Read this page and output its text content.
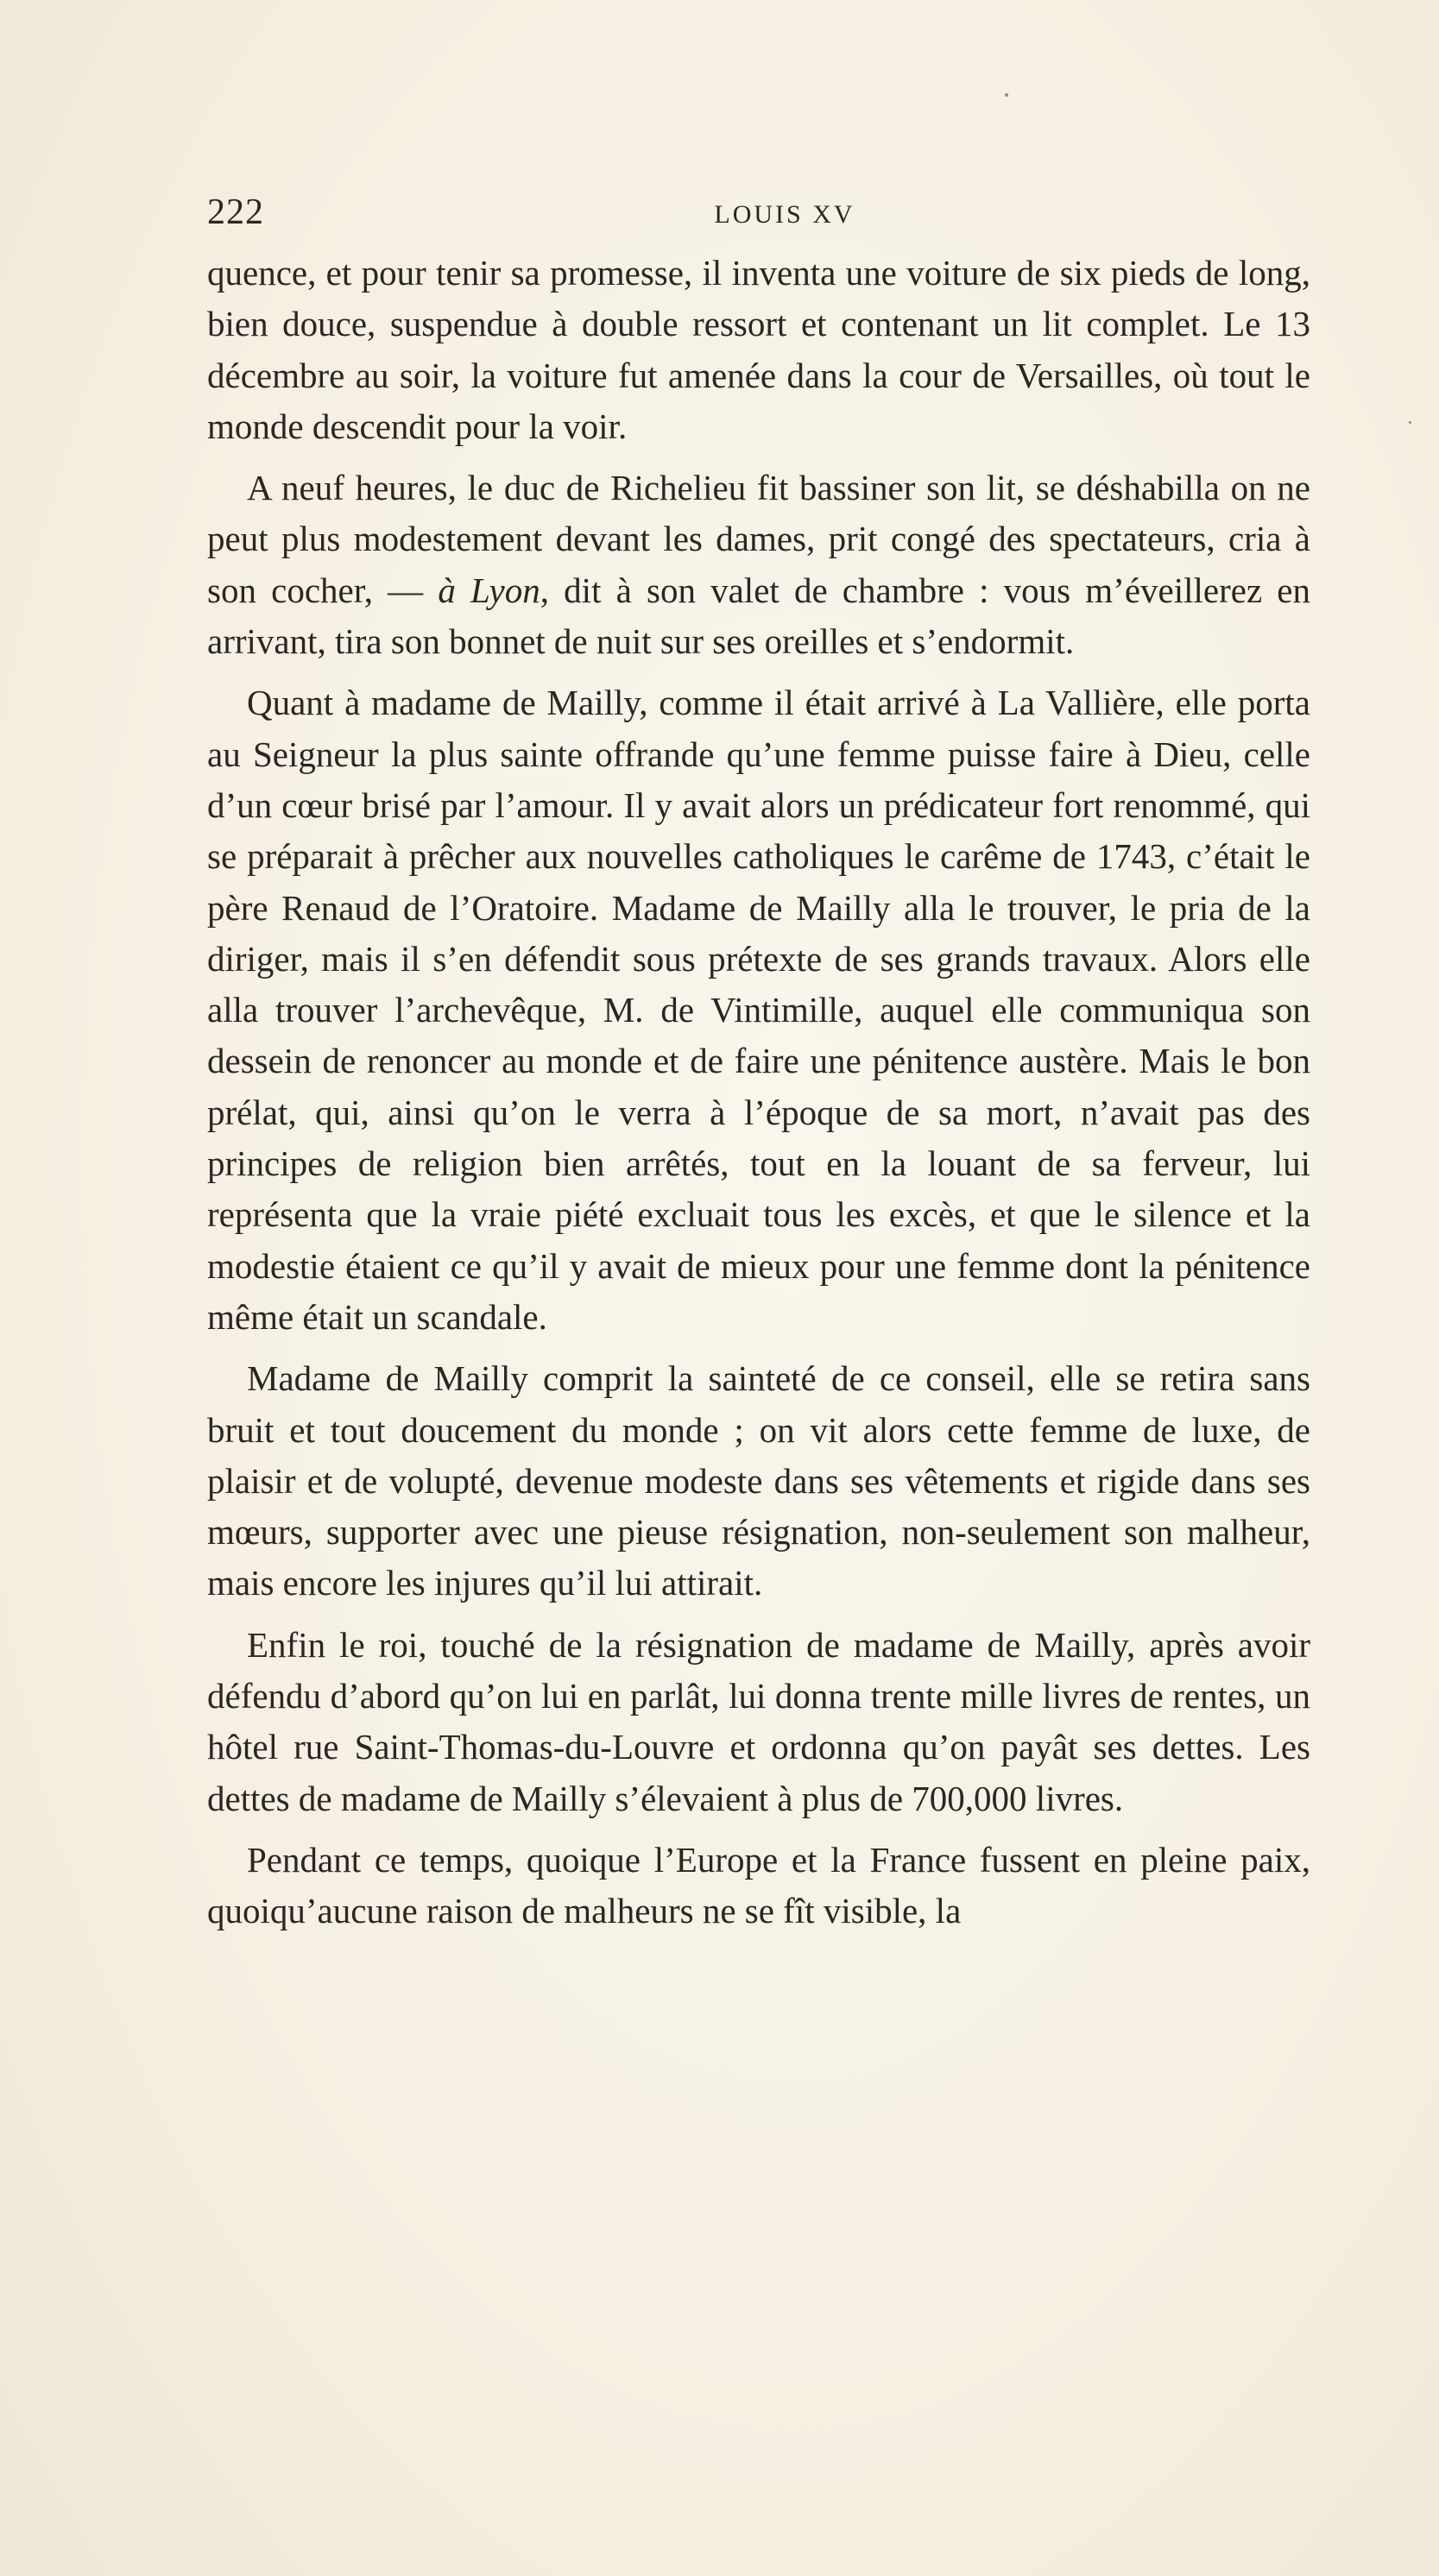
222	LOUIS XV

quence, et pour tenir sa promesse, il inventa une voiture de six pieds de long, bien douce, suspendue à double ressort et contenant un lit complet. Le 13 décembre au soir, la voiture fut amenée dans la cour de Versailles, où tout le monde descendit pour la voir.

A neuf heures, le duc de Richelieu fit bassiner son lit, se déshabilla on ne peut plus modestement devant les dames, prit congé des spectateurs, cria à son cocher, — à Lyon, dit à son valet de chambre : vous m’éveillerez en arrivant, tira son bonnet de nuit sur ses oreilles et s’endormit.

Quant à madame de Mailly, comme il était arrivé à La Vallière, elle porta au Seigneur la plus sainte offrande qu’une femme puisse faire à Dieu, celle d’un cœur brisé par l’amour. Il y avait alors un prédicateur fort renommé, qui se préparait à prêcher aux nouvelles catholiques le carême de 1743, c’était le père Renaud de l’Oratoire. Madame de Mailly alla le trouver, le pria de la diriger, mais il s’en défendit sous prétexte de ses grands travaux. Alors elle alla trouver l’archevêque, M. de Vintimille, auquel elle communiqua son dessein de renoncer au monde et de faire une pénitence austère. Mais le bon prélat, qui, ainsi qu’on le verra à l’époque de sa mort, n’avait pas des principes de religion bien arrêtés, tout en la louant de sa ferveur, lui représenta que la vraie piété excluait tous les excès, et que le silence et la modestie étaient ce qu’il y avait de mieux pour une femme dont la pénitence même était un scandale.

Madame de Mailly comprit la sainteté de ce conseil, elle se retira sans bruit et tout doucement du monde ; on vit alors cette femme de luxe, de plaisir et de volupté, devenue modeste dans ses vêtements et rigide dans ses mœurs, supporter avec une pieuse résignation, non-seulement son malheur, mais encore les injures qu’il lui attirait.

Enfin le roi, touché de la résignation de madame de Mailly, après avoir défendu d’abord qu’on lui en parlât, lui donna trente mille livres de rentes, un hôtel rue Saint-Thomas-du-Louvre et ordonna qu’on payât ses dettes. Les dettes de madame de Mailly s’élevaient à plus de 700,000 livres.

Pendant ce temps, quoique l’Europe et la France fussent en pleine paix, quoiqu’aucune raison de malheurs ne se fît visible, la
